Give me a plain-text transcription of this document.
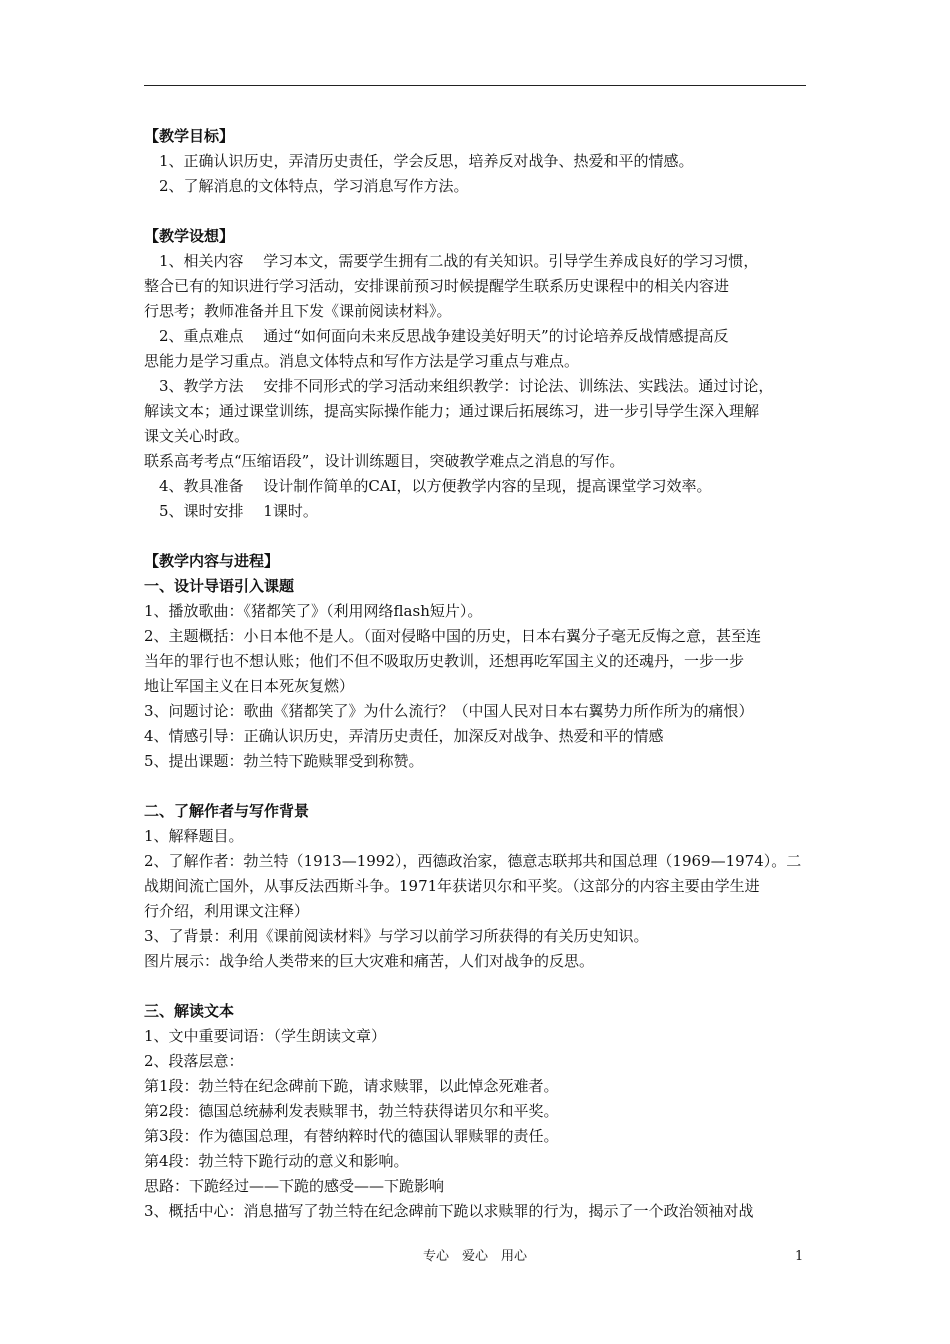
【教学目标】
1、正确认识历史，弄清历史责任，学会反思，培养反对战争、热爱和平的情感。
2、了解消息的文体特点，学习消息写作方法。
【教学设想】
1、相关内容　 学习本文，需要学生拥有二战的有关知识。引导学生养成良好的学习习惯，
整合已有的知识进行学习活动，安排课前预习时候提醒学生联系历史课程中的相关内容进
行思考；教师准备并且下发《课前阅读材料》。
2、重点难点　 通过“如何面向未来反思战争建设美好明天”的讨论培养反战情感提高反
思能力是学习重点。消息文体特点和写作方法是学习重点与难点。
3、教学方法　 安排不同形式的学习活动来组织教学：讨论法、训练法、实践法。通过讨论，
解读文本；通过课堂训练，提高实际操作能力；通过课后拓展练习，进一步引导学生深入理解
课文关心时政。
联系高考考点“压缩语段”，设计训练题目，突破教学难点之消息的写作。
4、教具准备　 设计制作简单的CAI，以方便教学内容的呈现，提高课堂学习效率。
5、课时安排　 1课时。
【教学内容与进程】
一、设计导语引入课题
1、播放歌曲：《猪都笑了》（利用网络flash短片）。
2、主题概括：小日本他不是人。（面对侵略中国的历史，日本右翼分子毫无反悔之意，甚至连
当年的罪行也不想认账；他们不但不吸取历史教训，还想再吃军国主义的还魂丹，一步一步
地让军国主义在日本死灰复燃）
3、问题讨论：歌曲《猪都笑了》为什么流行？（中国人民对日本右翼势力所作所为的痛恨）
4、情感引导：正确认识历史，弄清历史责任，加深反对战争、热爱和平的情感
5、提出课题：勃兰特下跪赎罪受到称赞。
二、了解作者与写作背景
1、解释题目。
2、了解作者：勃兰特（1913—1992），西德政治家，德意志联邦共和国总理（1969—1974）。二
战期间流亡国外，从事反法西斯斗争。1971年获诺贝尔和平奖。（这部分的内容主要由学生进
行介绍，利用课文注释）
3、了背景：利用《课前阅读材料》与学习以前学习所获得的有关历史知识。
图片展示：战争给人类带来的巨大灾难和痛苦，人们对战争的反思。
三、解读文本
1、文中重要词语：（学生朗读文章）
2、段落层意：
第1段：勃兰特在纪念碑前下跪，请求赎罪，以此悼念死难者。
第2段：德国总统赫利发表赎罪书，勃兰特获得诺贝尔和平奖。
第3段：作为德国总理，有替纳粹时代的德国认罪赎罪的责任。
第4段：勃兰特下跪行动的意义和影响。
思路：下跪经过——下跪的感受——下跪影响
3、概括中心：消息描写了勃兰特在纪念碑前下跪以求赎罪的行为，揭示了一个政治领袖对战
专心　爱心　用心	1
